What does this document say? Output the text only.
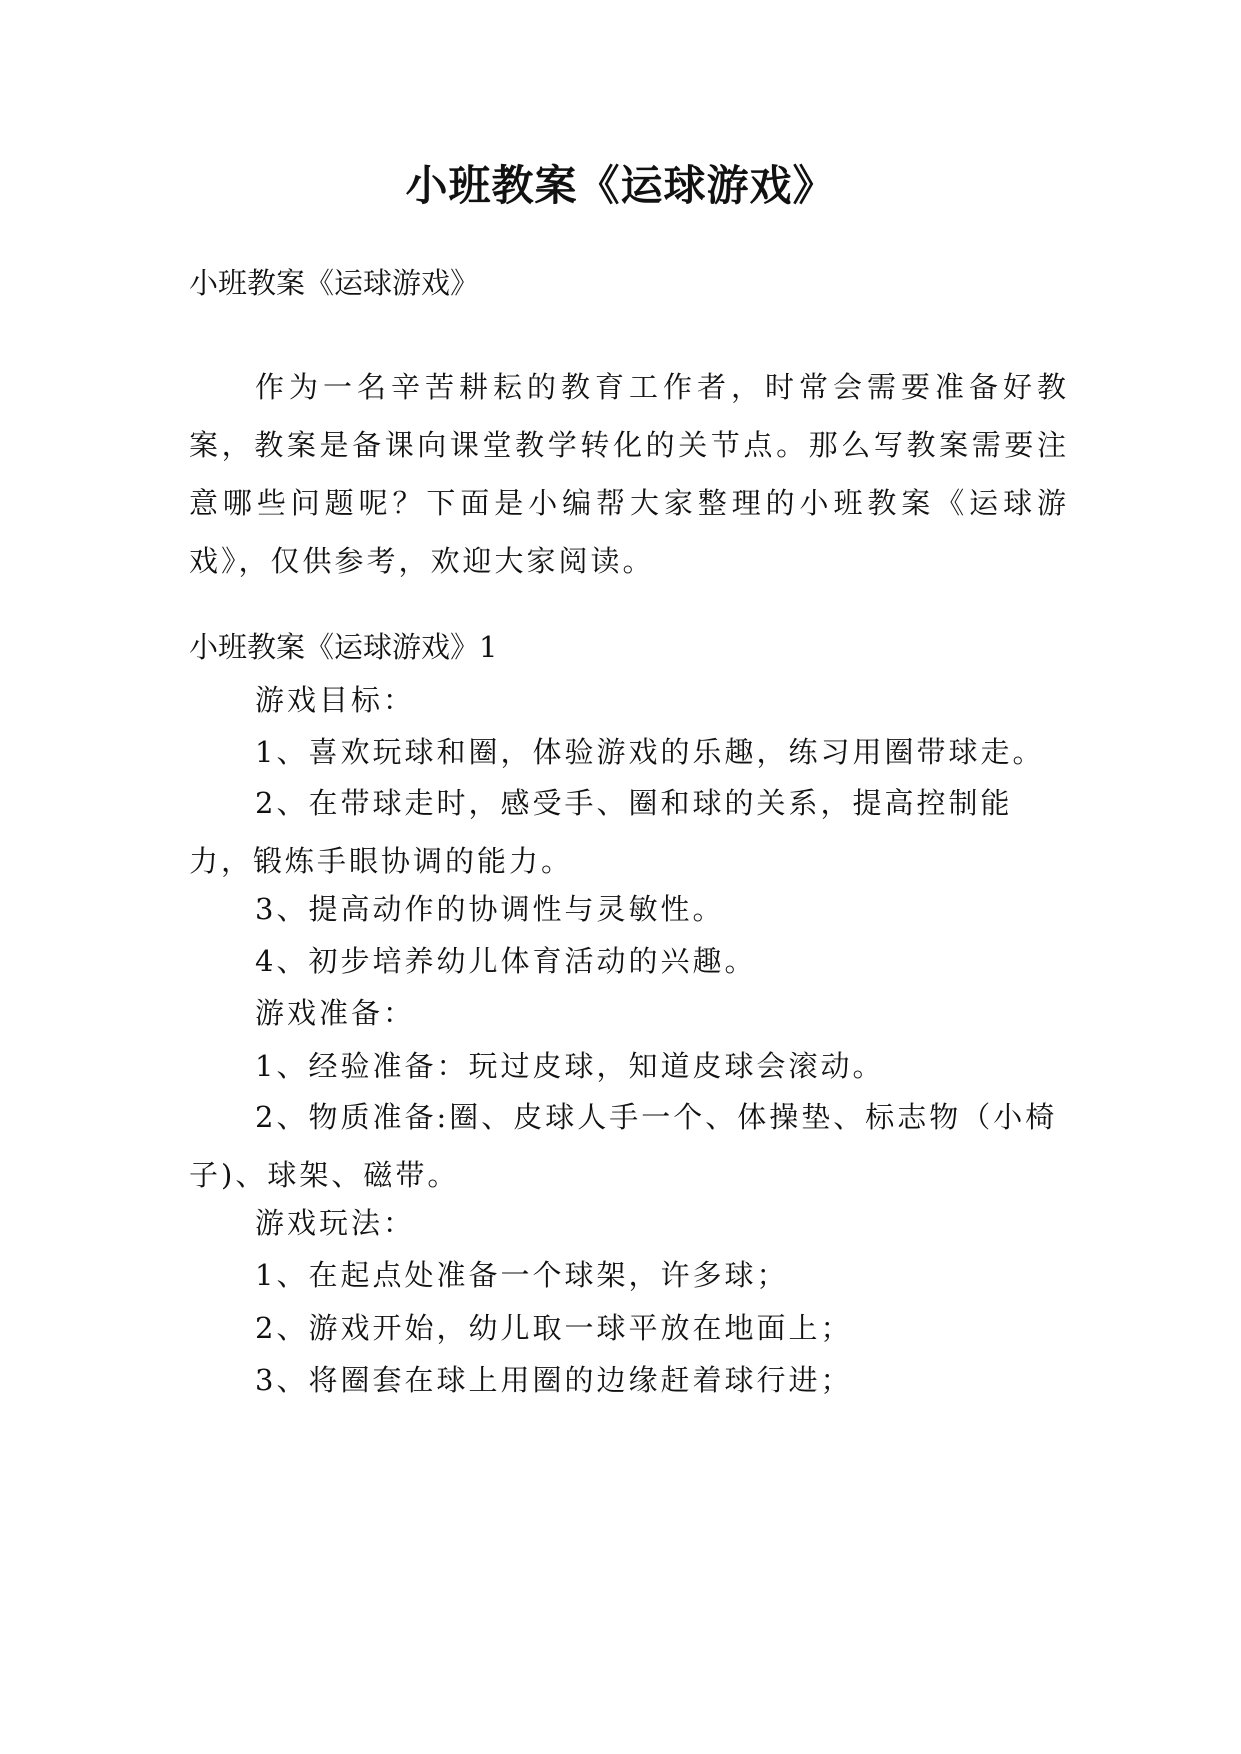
小班教案《运球游戏》
小班教案《运球游戏》

作为一名辛苦耕耘的教育工作者，时常会需要准备好教案，教案是备课向课堂教学转化的关节点。那么写教案需要注意哪些问题呢？下面是小编帮大家整理的小班教案《运球游戏》，仅供参考，欢迎大家阅读。

小班教案《运球游戏》1
游戏目标：
1、喜欢玩球和圈，体验游戏的乐趣，练习用圈带球走。

2、在带球走时，感受手、圈和球的关系，提高控制能力，锻炼手眼协调的能力。

3、提高动作的协调性与灵敏性。
4、初步培养幼儿体育活动的兴趣。
游戏准备：
1、经验准备：玩过皮球，知道皮球会滚动。

2、物质准备:圈、皮球人手一个、体操垫、标志物（小椅子)、球架、磁带。

游戏玩法：
1、在起点处准备一个球架，许多球；
2、游戏开始，幼儿取一球平放在地面上；
3、将圈套在球上用圈的边缘赶着球行进；
